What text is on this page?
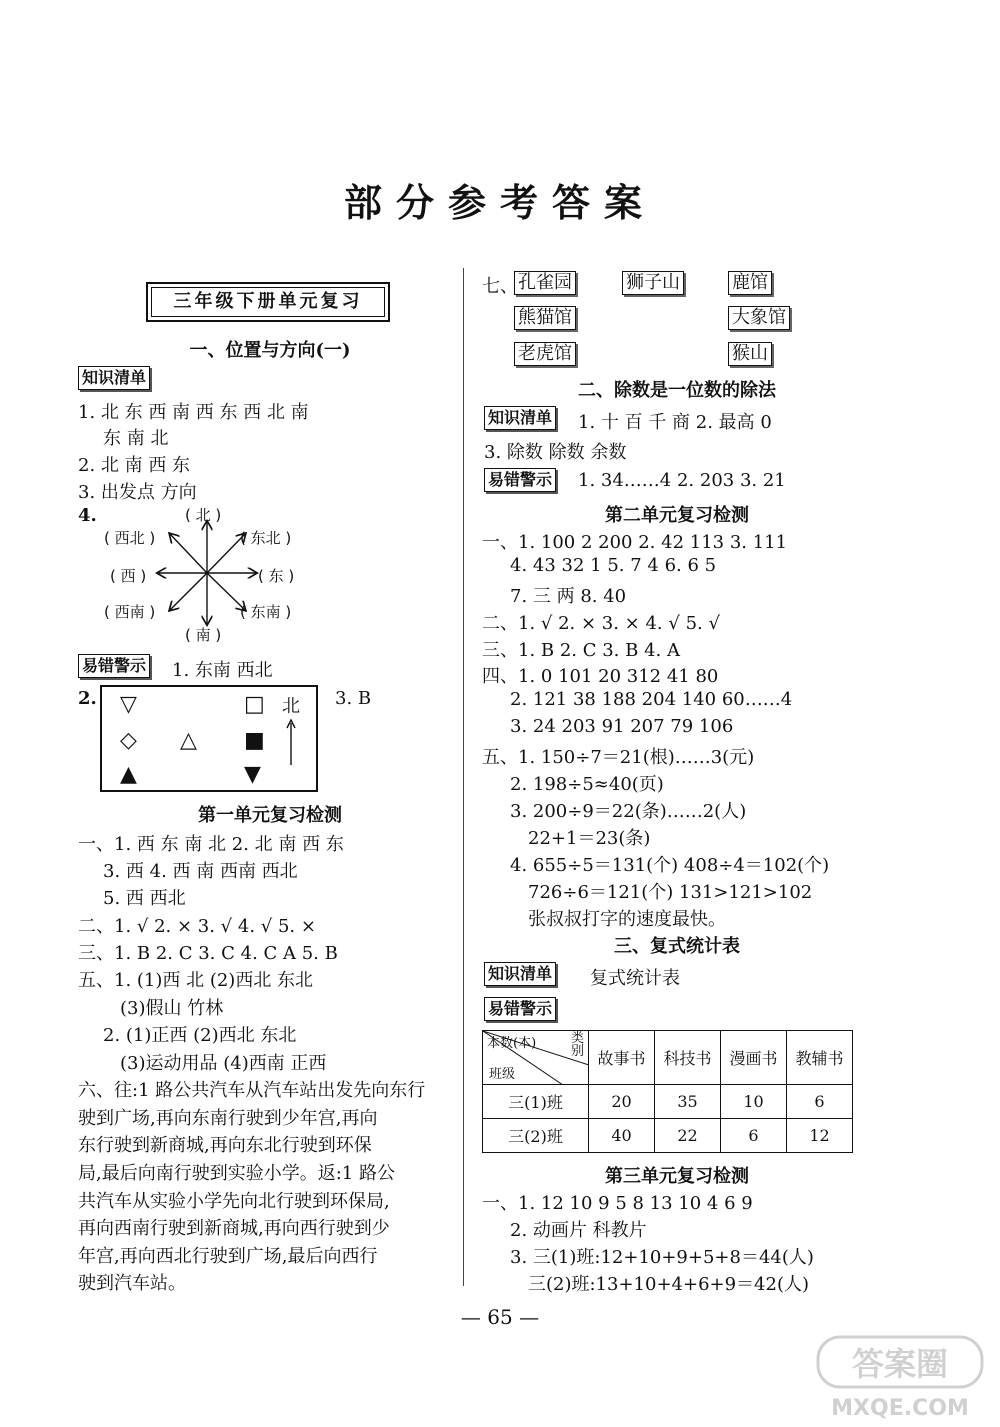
部分参考答案
三年级下册单元复习
一、位置与方向(一)
知识清单
1. 北 东 西 南 西 东 西 北 南
东 南 北
2. 北 南 西 东
3. 出发点 方向
4.	( 北 )
( 东北 )
( 东 )
( 东南 )
( 南 )
( 西南 )
( 西 )
( 西北 )
易错警示 1. 东南 西北
2. ▽	□ 北
◇ △ ■
▲	▼
3. B
第一单元复习检测
一、1. 西 东 南 北 2. 北 南 西 东
3. 西 4. 西 南 西南 西北
5. 西 西北
二、1. √ 2. × 3. √ 4. √ 5. ×
三、1. B 2. C 3. C 4. C A 5. B
五、1. (1)西 北 (2)西北 东北
(3)假山 竹林
2. (1)正西 (2)西北 东北
(3)运动用品 (4)西南 正西
六、往:1 路公共汽车从汽车站出发先向东行
驶到广场,再向东南行驶到少年宫,再向
东行驶到新商城,再向东北行驶到环保
局,最后向南行驶到实验小学。返:1 路公
共汽车从实验小学先向北行驶到环保局,
再向西南行驶到新商城,再向西行驶到少
年宫,再向西北行驶到广场,最后向西行
驶到汽车站。
七、 孔雀园	狮子山	鹿馆
熊猫馆	大象馆
老虎馆	猴山
二、除数是一位数的除法
知识清单 1. 十 百 千 商 2. 最高 0
3. 除数 除数 余数
易错警示 1. 34……4 2. 203 3. 21
第二单元复习检测
一、1. 100 2 200 2. 42 113 3. 111
4. 43 32 1 5. 7 4 6. 6 5
7. 三 两 8. 40
二、1. √ 2. × 3. × 4. √ 5. √
三、1. B 2. C 3. B 4. A
四、1. 0 101 20 312 41 80
2. 121 38 188 204 140 60……4
3. 24 203 91 207 79 106
五、1. 150÷7＝21(根)……3(元)
2. 198÷5≈40(页)
3. 200÷9＝22(条)……2(人)
22+1＝23(条)
4. 655÷5＝131(个) 408÷4＝102(个)
726÷6＝121(个) 131>121>102
张叔叔打字的速度最快。
三、复式统计表
知识清单 复式统计表
易错警示
类别
本数(本)
班级	故事书	科技书	漫画书	教辅书
三(1)班	20	35	10	6
三(2)班	40	22	6	12
第三单元复习检测
一、1. 12 10 9 5 8 13 10 4 6 9
2. 动画片 科教片
3. 三(1)班:12+10+9+5+8＝44(人)
三(2)班:13+10+4+6+9＝42(人)
— 65 —
答案圈
MXQE.COM
